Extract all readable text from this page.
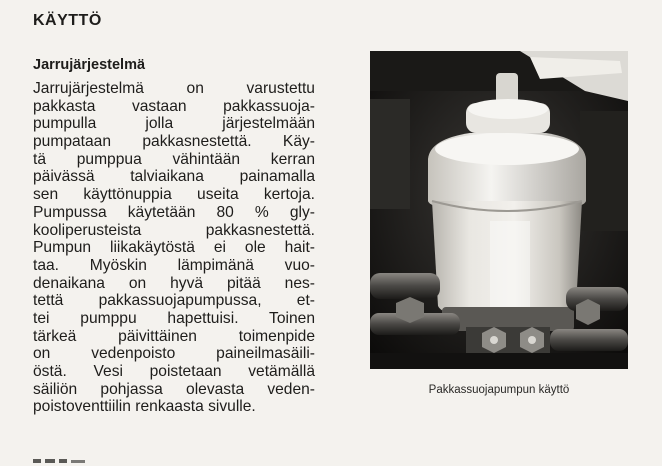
KÄYTTÖ
Jarrujärjestelmä
Jarrujärjestelmä on varustettu
pakkasta vastaan pakkassuoja-
pumpulla jolla järjestelmään
pumpataan pakkasnestettä. Käy-
tä pumppua vähintään kerran
päivässä talviaikana painamalla
sen käyttönuppia useita kertoja.
Pumpussa käytetään 80 % gly-
kooliperusteista pakkasnestettä.
Pumpun liikakäytöstä ei ole hait-
taa. Myöskin lämpimänä vuo-
denaikana on hyvä pitää nes-
tettä pakkassuojapumpussa, et-
tei pumppu hapettuisi. Toinen
tärkeä päivittäinen toimenpide
on vedenpoisto paineilmasäili-
östä. Vesi poistetaan vetämällä
säiliön pohjassa olevasta veden-
poistoventtiilin renkaasta sivulle.

Pakkassuojapumpun käyttö
